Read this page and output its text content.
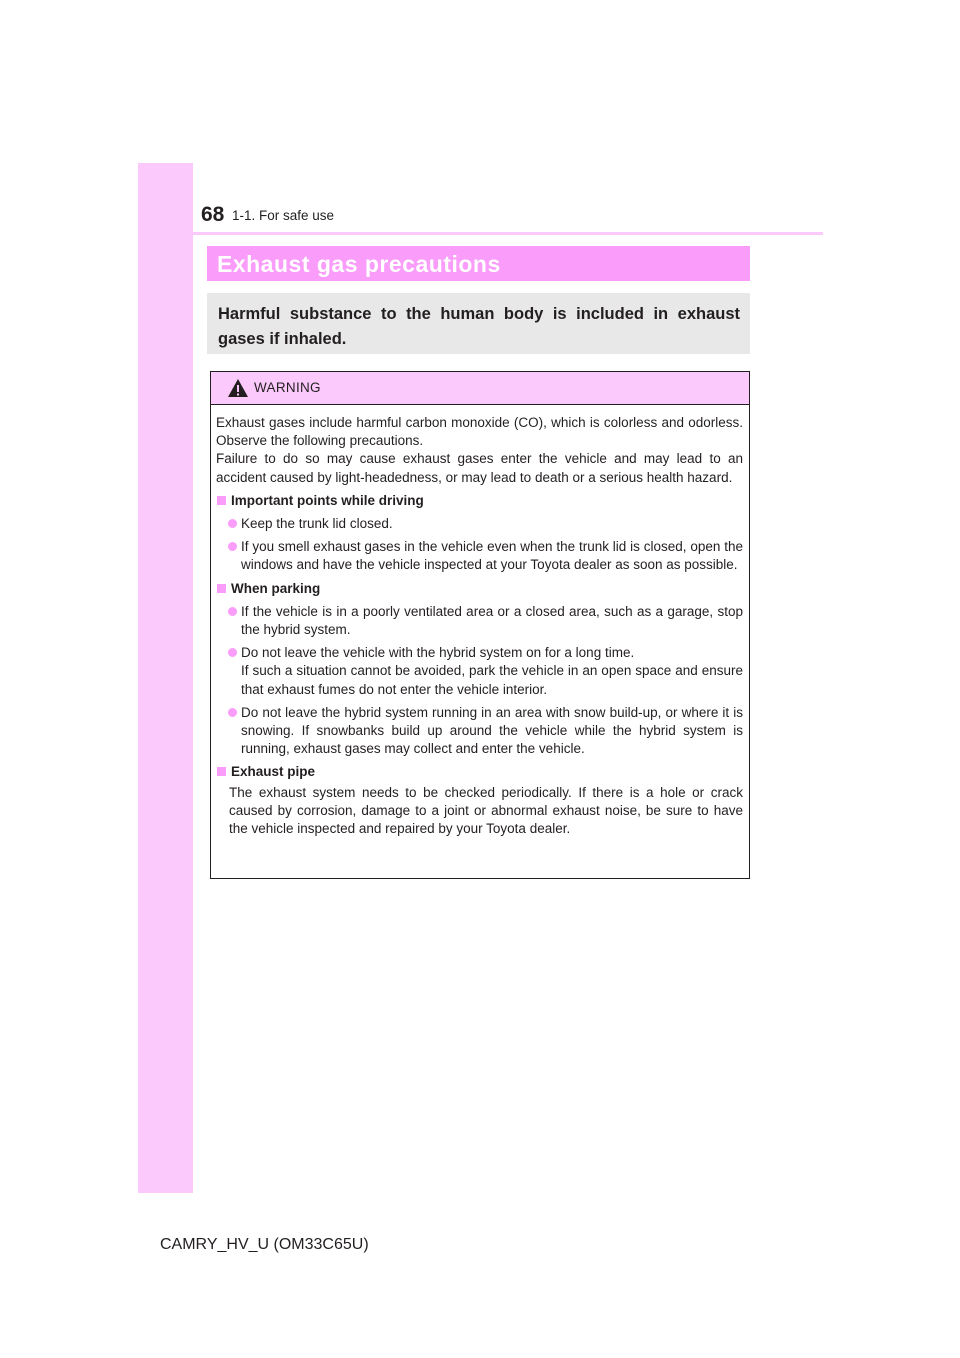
68 1-1. For safe use
Exhaust gas precautions
Harmful substance to the human body is included in exhaust gases if inhaled.
WARNING

Exhaust gases include harmful carbon monoxide (CO), which is colorless and odorless. Observe the following precautions.

Failure to do so may cause exhaust gases enter the vehicle and may lead to an accident caused by light-headedness, or may lead to death or a serious health hazard.

Important points while driving
Keep the trunk lid closed.
If you smell exhaust gases in the vehicle even when the trunk lid is closed, open the windows and have the vehicle inspected at your Toyota dealer as soon as possible.
When parking
If the vehicle is in a poorly ventilated area or a closed area, such as a garage, stop the hybrid system.
Do not leave the vehicle with the hybrid system on for a long time.
If such a situation cannot be avoided, park the vehicle in an open space and ensure that exhaust fumes do not enter the vehicle interior.
Do not leave the hybrid system running in an area with snow build-up, or where it is snowing. If snowbanks build up around the vehicle while the hybrid system is running, exhaust gases may collect and enter the vehicle.
Exhaust pipe
The exhaust system needs to be checked periodically. If there is a hole or crack caused by corrosion, damage to a joint or abnormal exhaust noise, be sure to have the vehicle inspected and repaired by your Toyota dealer.
CAMRY_HV_U (OM33C65U)
